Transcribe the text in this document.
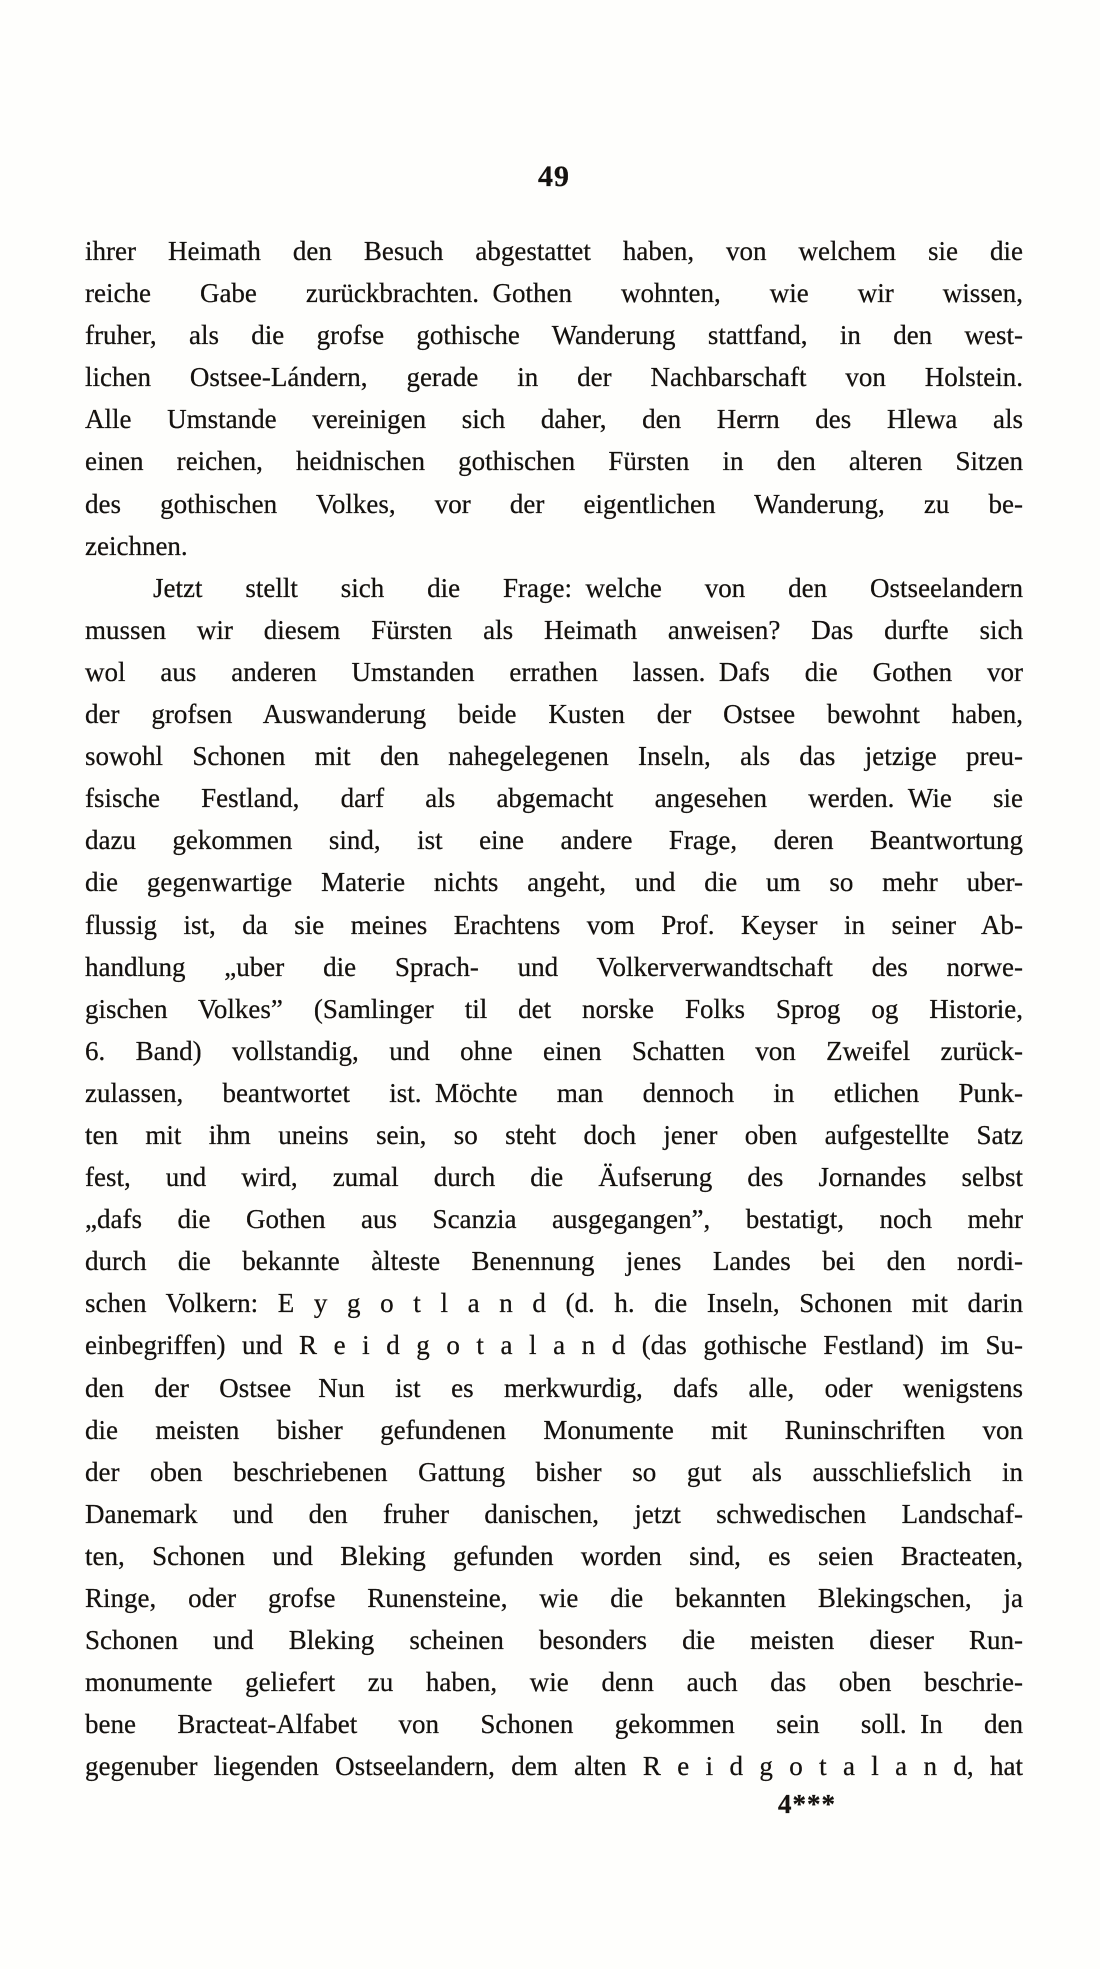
49
ihrer Heimath den Besuch abgestattet haben, von welchem sie die
reiche Gabe zurückbrachten. Gothen wohnten, wie wir wissen,
fruher, als die grofse gothische Wanderung stattfand, in den west-
lichen Ostsee-Lándern, gerade in der Nachbarschaft von Holstein.
Alle Umstande vereinigen sich daher, den Herrn des Hlewa als
einen reichen, heidnischen gothischen Fürsten in den alteren Sitzen
des gothischen Volkes, vor der eigentlichen Wanderung, zu be-
zeichnen.
Jetzt stellt sich die Frage: welche von den Ostseelandern
mussen wir diesem Fürsten als Heimath anweisen? Das durfte sich
wol aus anderen Umstanden errathen lassen. Dafs die Gothen vor
der grofsen Auswanderung beide Kusten der Ostsee bewohnt haben,
sowohl Schonen mit den nahegelegenen Inseln, als das jetzige preu-
fsische Festland, darf als abgemacht angesehen werden. Wie sie
dazu gekommen sind, ist eine andere Frage, deren Beantwortung
die gegenwartige Materie nichts angeht, und die um so mehr uber-
flussig ist, da sie meines Erachtens vom Prof. Keyser in seiner Ab-
handlung „uber die Sprach- und Volkerverwandtschaft des norwe-
gischen Volkes” (Samlinger til det norske Folks Sprog og Historie,
6. Band) vollstandig, und ohne einen Schatten von Zweifel zurück-
zulassen, beantwortet ist. Möchte man dennoch in etlichen Punk-
ten mit ihm uneins sein, so steht doch jener oben aufgestellte Satz
fest, und wird, zumal durch die Äufserung des Jornandes selbst
„dafs die Gothen aus Scanzia ausgegangen”, bestatigt, noch mehr
durch die bekannte àlteste Benennung jenes Landes bei den nordi-
schen Volkern: E y g o t l a n d (d. h. die Inseln, Schonen mit darin
einbegriffen) und R e i d g o t a l a n d (das gothische Festland) im Su-
den der Ostsee Nun ist es merkwurdig, dafs alle, oder wenigstens
die meisten bisher gefundenen Monumente mit Runinschriften von
der oben beschriebenen Gattung bisher so gut als ausschliefslich in
Danemark und den fruher danischen, jetzt schwedischen Landschaf-
ten, Schonen und Bleking gefunden worden sind, es seien Bracteaten,
Ringe, oder grofse Runensteine, wie die bekannten Blekingschen, ja
Schonen und Bleking scheinen besonders die meisten dieser Run-
monumente geliefert zu haben, wie denn auch das oben beschrie-
bene Bracteat-Alfabet von Schonen gekommen sein soll. In den
gegenuber liegenden Ostseelandern, dem alten R e i d g o t a l a n d, hat
4***
